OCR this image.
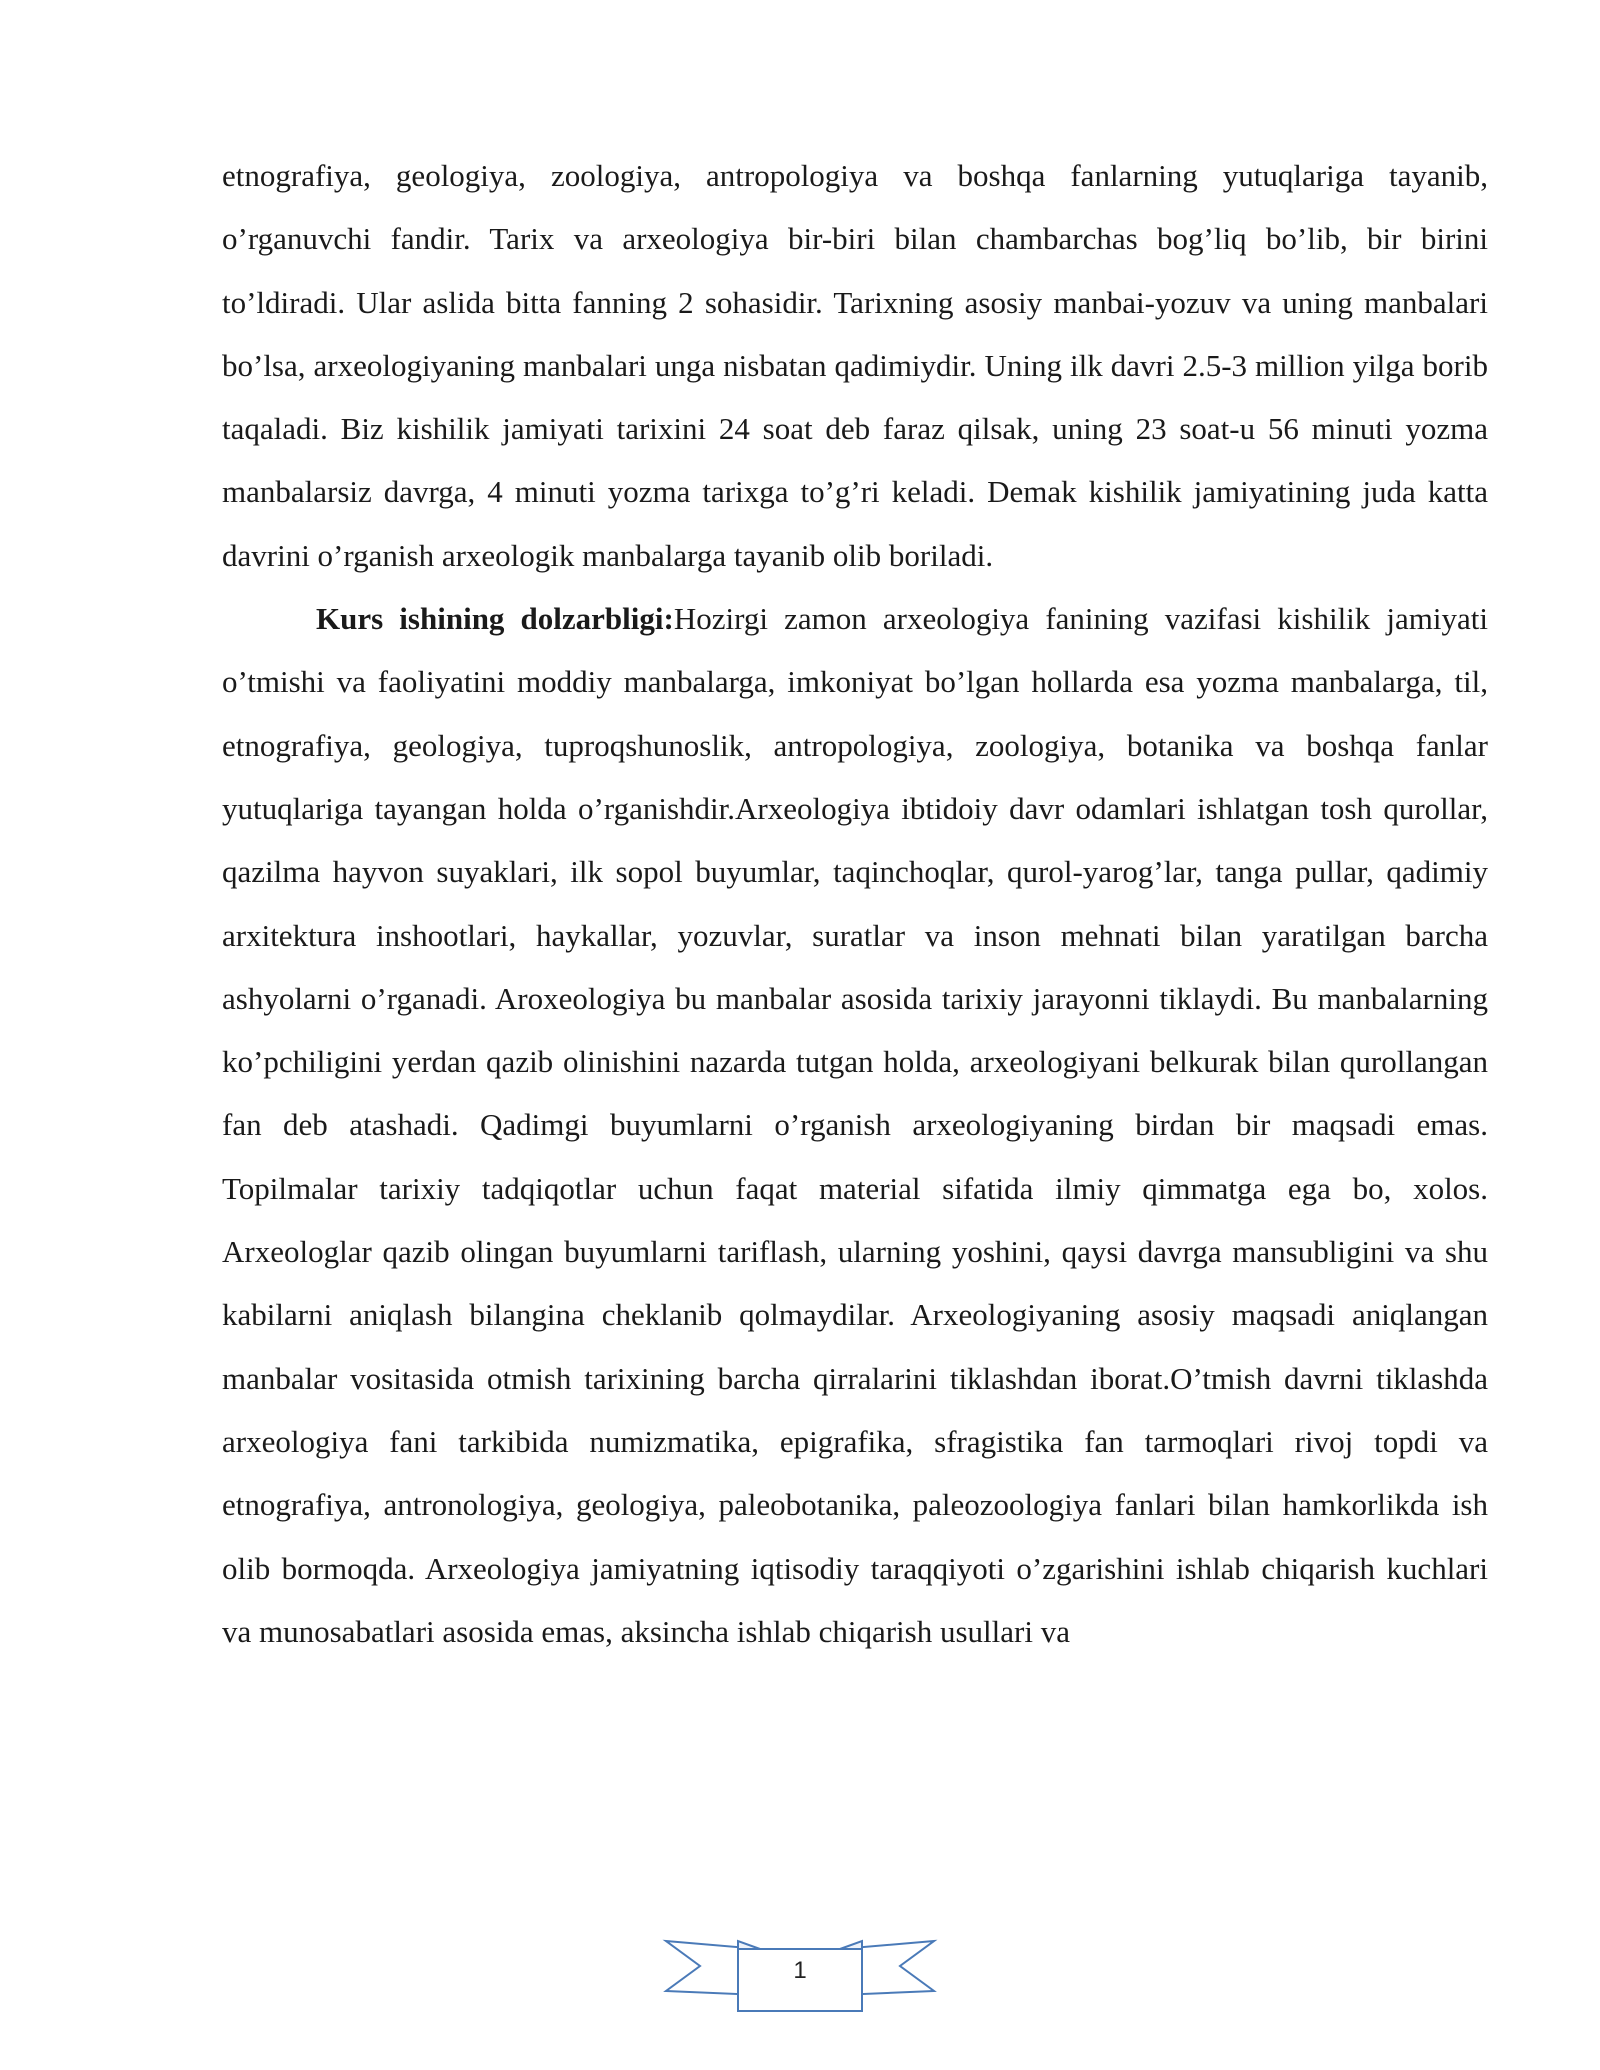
etnografiya, geologiya, zoologiya, antropologiya va boshqa fanlarning yutuqlariga tayanib, o’rganuvchi fandir. Tarix va arxeologiya bir-biri bilan chambarchas bog’liq bo’lib, bir birini to’ldiradi. Ular aslida bitta fanning 2 sohasidir. Tarixning asosiy manbai-yozuv va uning manbalari bo’lsa, arxeologiyaning manbalari unga nisbatan qadimiydir. Uning ilk davri 2.5-3 million yilga borib taqaladi. Biz kishilik jamiyati tarixini 24 soat deb faraz qilsak, uning 23 soat-u 56 minuti yozma manbalarsiz davrga, 4 minuti yozma tarixga to’g’ri keladi. Demak kishilik jamiyatining juda katta davrini o’rganish arxeologik manbalarga tayanib olib boriladi.

Kurs ishining dolzarbligi:Hozirgi zamon arxeologiya fanining vazifasi kishilik jamiyati o’tmishi va faoliyatini moddiy manbalarga, imkoniyat bo’lgan hollarda esa yozma manbalarga, til, etnografiya, geologiya, tuproqshunoslik, antropologiya, zoologiya, botanika va boshqa fanlar yutuqlariga tayangan holda o’rganishdir.Arxeologiya ibtidoiy davr odamlari ishlatgan tosh qurollar, qazilma hayvon suyaklari, ilk sopol buyumlar, taqinchoqlar, qurol-yarog’lar, tanga pullar, qadimiy arxitektura inshootlari, haykallar, yozuvlar, suratlar va inson mehnati bilan yaratilgan barcha ashyolarni o’rganadi. Aroxeologiya bu manbalar asosida tarixiy jarayonni tiklaydi. Bu manbalarning ko’pchiligini yerdan qazib olinishini nazarda tutgan holda, arxeologiyani belkurak bilan qurollangan fan deb atashadi. Qadimgi buyumlarni o’rganish arxeologiyaning birdan bir maqsadi emas. Topilmalar tarixiy tadqiqotlar uchun faqat material sifatida ilmiy qimmatga ega bo, xolos. Arxeologlar qazib olingan buyumlarni tariflash, ularning yoshini, qaysi davrga mansubligini va shu kabilarni aniqlash bilangina cheklanib qolmaydilar. Arxeologiyaning asosiy maqsadi aniqlangan manbalar vositasida otmish tarixining barcha qirralarini tiklashdan iborat.O’tmish davrni tiklashda arxeologiya fani tarkibida numizmatika, epigrafika, sfragistika fan tarmoqlari rivoj topdi va etnografiya, antronologiya, geologiya, paleobotanika, paleozoologiya fanlari bilan hamkorlikda ish olib bormoqda. Arxeologiya jamiyatning iqtisodiy taraqqiyoti o’zgarishini ishlab chiqarish kuchlari va munosabatlari asosida emas, aksincha ishlab chiqarish usullari va

1
